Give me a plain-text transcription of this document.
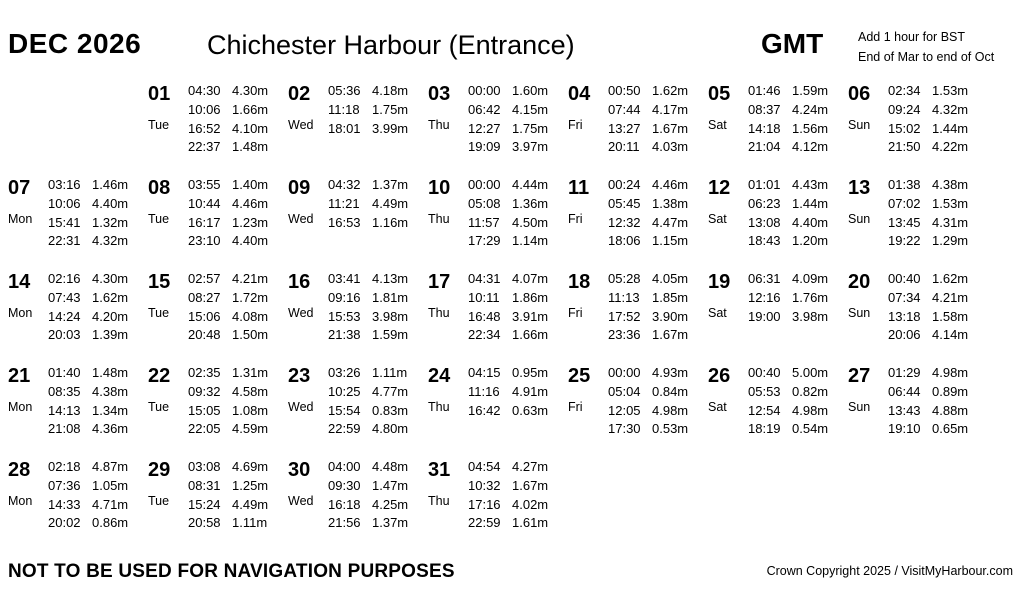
DEC 2026 Chichester Harbour (Entrance)	GMT	Add 1 hour for BST
End of Mar to end of Oct
01
Tue
04:30 4.30m
10:06 1.66m
16:52 4.10m
22:37 1.48m
02
Wed
05:36 4.18m
11:18 1.75m
18:01 3.99m
03
Thu
00:00 1.60m
06:42 4.15m
12:27 1.75m
19:09 3.97m
04
Fri
00:50 1.62m
07:44 4.17m
13:27 1.67m
20:11 4.03m
05
Sat
01:46 1.59m
08:37 4.24m
14:18 1.56m
21:04 4.12m
06
Sun
02:34 1.53m
09:24 4.32m
15:02 1.44m
21:50 4.22m
07
Mon
03:16 1.46m
10:06 4.40m
15:41 1.32m
22:31 4.32m
08
Tue
03:55 1.40m
10:44 4.46m
16:17 1.23m
23:10 4.40m
09
Wed
04:32 1.37m
11:21 4.49m
16:53 1.16m
10
Thu
00:00 4.44m
05:08 1.36m
11:57 4.50m
17:29 1.14m
11
Fri
00:24 4.46m
05:45 1.38m
12:32 4.47m
18:06 1.15m
12
Sat
01:01 4.43m
06:23 1.44m
13:08 4.40m
18:43 1.20m
13
Sun
01:38 4.38m
07:02 1.53m
13:45 4.31m
19:22 1.29m
14
Mon
02:16 4.30m
07:43 1.62m
14:24 4.20m
20:03 1.39m
15
Tue
02:57 4.21m
08:27 1.72m
15:06 4.08m
20:48 1.50m
16
Wed
03:41 4.13m
09:16 1.81m
15:53 3.98m
21:38 1.59m
17
Thu
04:31 4.07m
10:11 1.86m
16:48 3.91m
22:34 1.66m
18
Fri
05:28 4.05m
11:13 1.85m
17:52 3.90m
23:36 1.67m
19
Sat
06:31 4.09m
12:16 1.76m
19:00 3.98m
20
Sun
00:40 1.62m
07:34 4.21m
13:18 1.58m
20:06 4.14m
21
Mon
01:40 1.48m
08:35 4.38m
14:13 1.34m
21:08 4.36m
22
Tue
02:35 1.31m
09:32 4.58m
15:05 1.08m
22:05 4.59m
23
Wed
03:26 1.11m
10:25 4.77m
15:54 0.83m
22:59 4.80m
24
Thu
04:15 0.95m
11:16 4.91m
16:42 0.63m
25
Fri
00:00 4.93m
05:04 0.84m
12:05 4.98m
17:30 0.53m
26
Sat
00:40 5.00m
05:53 0.82m
12:54 4.98m
18:19 0.54m
27
Sun
01:29 4.98m
06:44 0.89m
13:43 4.88m
19:10 0.65m
28
Mon
02:18 4.87m
07:36 1.05m
14:33 4.71m
20:02 0.86m
29
Tue
03:08 4.69m
08:31 1.25m
15:24 4.49m
20:58 1.11m
30
Wed
04:00 4.48m
09:30 1.47m
16:18 4.25m
21:56 1.37m
31
Thu
04:54 4.27m
10:32 1.67m
17:16 4.02m
22:59 1.61m
NOT TO BE USED FOR NAVIGATION PURPOSES	Crown Copyright 2025 / VisitMyHarbour.com
